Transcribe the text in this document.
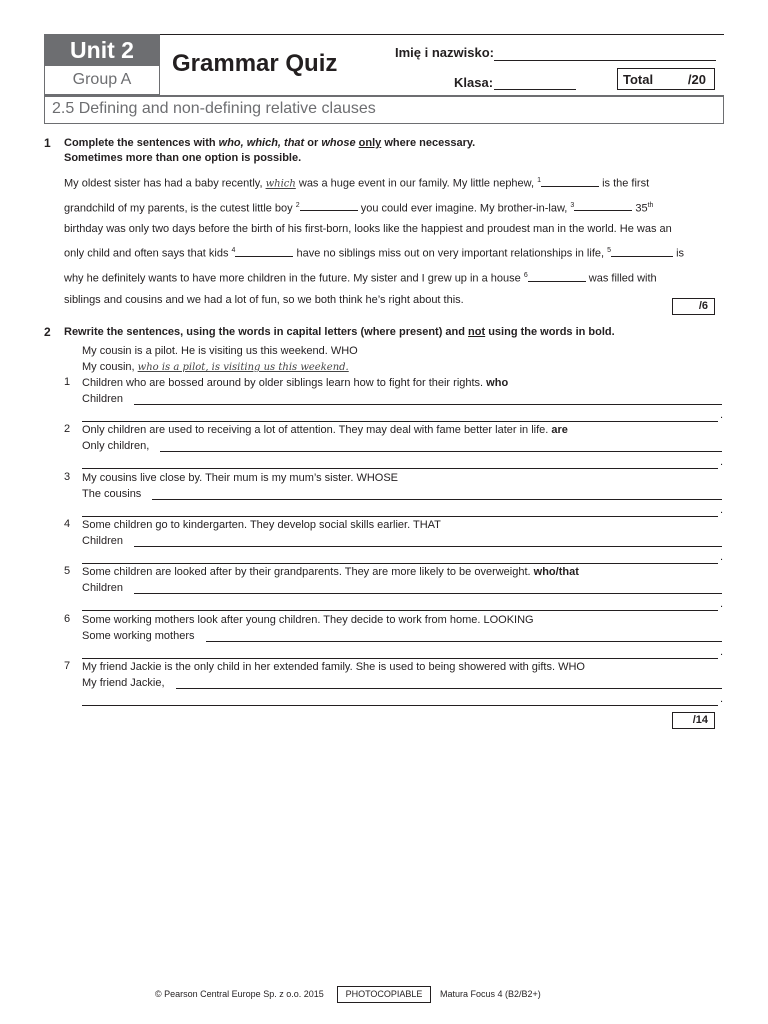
Unit 2
Group A
Grammar Quiz	Imię i nazwisko:
Klasa:	Total	/20
2.5 Defining and non-defining relative clauses
1 Complete the sentences with who, which, that or whose only where necessary.
Sometimes more than one option is possible.
My oldest sister has had a baby recently, which was a huge event in our family. My little nephew, $^1$	is the first
grandchild of my parents, is the cutest little boy $^2$	you could ever imagine. My brother-in-law, $^3$	35th
birthday was only two days before the birth of his first-born, looks like the happiest and proudest man in the world. He was an
only child and often says that kids $^4$	have no siblings miss out on very important relationships in life, $^5$	is
why he definitely wants to have more children in the future. My sister and I grew up in a house $^6$	was filled with
siblings and cousins and we had a lot of fun, so we both think he’s right about this.
/6
2 Rewrite the sentences, using the words in capital letters (where present) and not using the words in bold.
My cousin is a pilot. He is visiting us this weekend. WHO
My cousin, who is a pilot, is visiting us this weekend.
1 Children who are bossed around by older siblings learn how to fight for their rights. who
Children
.
2 Only children are used to receiving a lot of attention. They may deal with fame better later in life. are
Only children,
.
3 My cousins live close by. Their mum is my mum’s sister. WHOSE
The cousins
.
4 Some children go to kindergarten. They develop social skills earlier. THAT
Children
.
5 Some children are looked after by their grandparents. They are more likely to be overweight. who/that
Children
.
6 Some working mothers look after young children. They decide to work from home. LOOKING
Some working mothers
.
7 My friend Jackie is the only child in her extended family. She is used to being showered with gifts. WHO
My friend Jackie,
.
/14
© Pearson Central Europe Sp. z o.o. 2015	PHOTOCOPIABLE	Matura Focus 4 (B2/B2+)
